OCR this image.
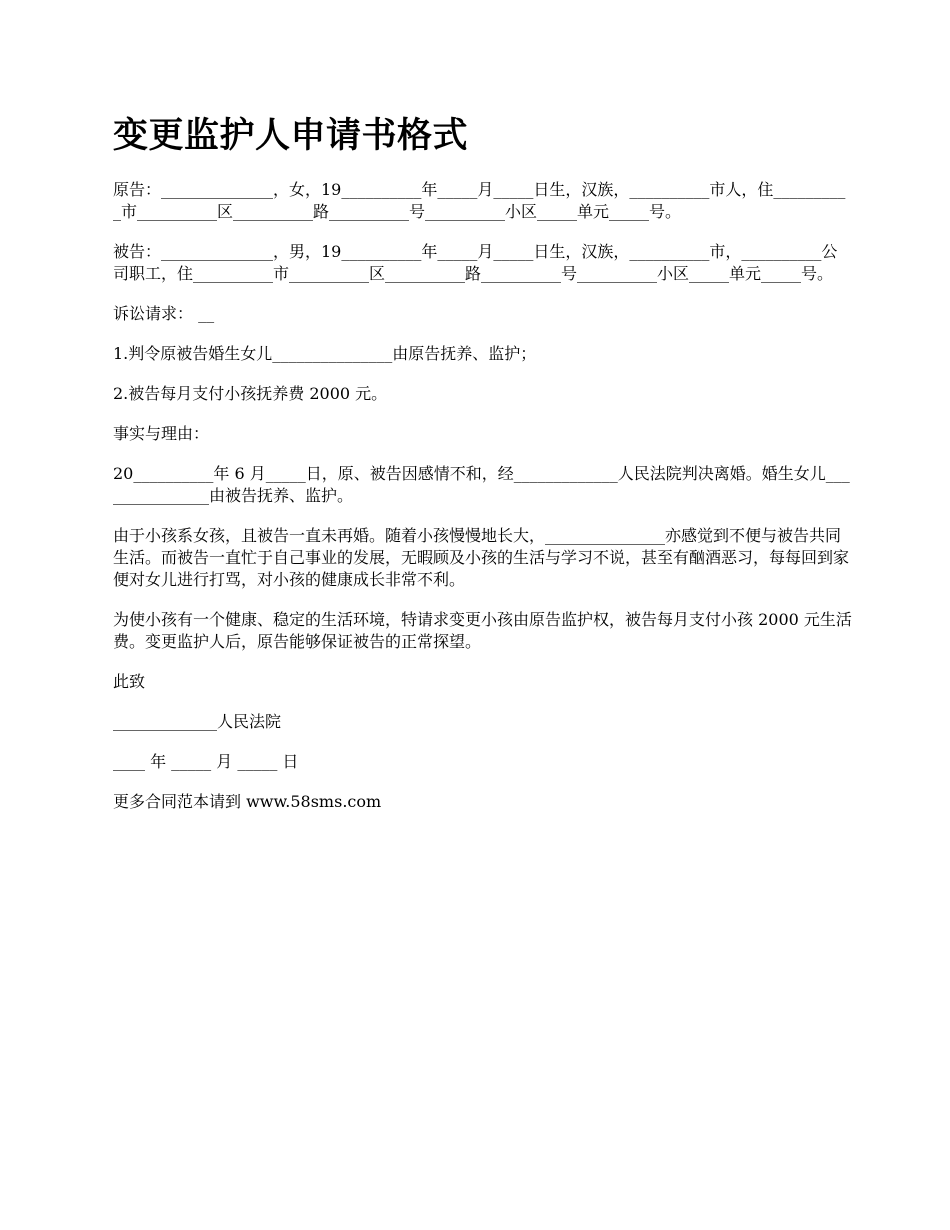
变更监护人申请书格式

原告：______________，女，19__________年_____月_____日生，汉族，__________市人，住__________市__________区__________路__________号__________小区_____单元_____号。

被告：______________，男，19__________年_____月_____日生，汉族，__________市，__________公司职工，住__________市__________区__________路__________号__________小区_____单元_____号。

诉讼请求： __

1.判令原被告婚生女儿_______________由原告抚养、监护；

2.被告每月支付小孩抚养费 2000 元。

事实与理由：

20__________年 6 月_____日，原、被告因感情不和，经_____________人民法院判决离婚。婚生女儿_______________由被告抚养、监护。

由于小孩系女孩，且被告一直未再婚。随着小孩慢慢地长大，_______________亦感觉到不便与被告共同生活。而被告一直忙于自己事业的发展，无暇顾及小孩的生活与学习不说，甚至有酗酒恶习，每每回到家便对女儿进行打骂，对小孩的健康成长非常不利。

为使小孩有一个健康、稳定的生活环境，特请求变更小孩由原告监护权，被告每月支付小孩 2000 元生活费。变更监护人后，原告能够保证被告的正常探望。

此致

_____________人民法院

____ 年 _____ 月 _____ 日

更多合同范本请到 www.58sms.com
